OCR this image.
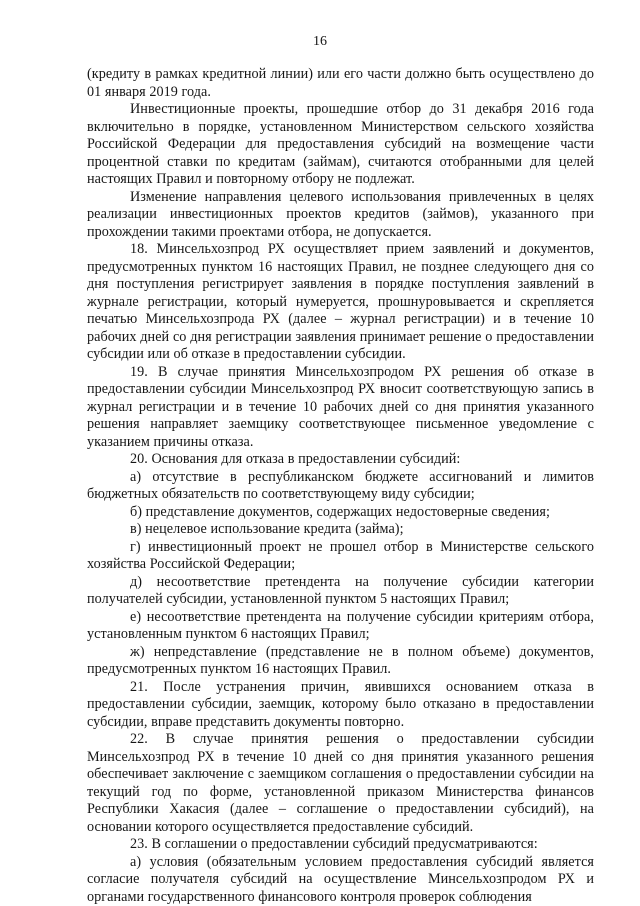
16

(кредиту в рамках кредитной линии) или его части должно быть осуществлено до 01 января 2019 года.

Инвестиционные проекты, прошедшие отбор до 31 декабря 2016 года включительно в порядке, установленном Министерством сельского хозяйства Российской Федерации для предоставления субсидий на возмещение части процентной ставки по кредитам (займам), считаются отобранными для целей настоящих Правил и повторному отбору не подлежат.

Изменение направления целевого использования привлеченных в целях реализации инвестиционных проектов кредитов (займов), указанного при прохождении такими проектами отбора, не допускается.

18. Минсельхозпрод РХ осуществляет прием заявлений и документов, предусмотренных пунктом 16 настоящих Правил, не позднее следующего дня со дня поступления регистрирует заявления в порядке поступления заявлений в журнале регистрации, который нумеруется, прошнуровывается и скрепляется печатью Минсельхозпрода РХ (далее – журнал регистрации) и в течение 10 рабочих дней со дня регистрации заявления принимает решение о предоставлении субсидии или об отказе в предоставлении субсидии.

19. В случае принятия Минсельхозпродом РХ решения об отказе в предоставлении субсидии Минсельхозпрод РХ вносит соответствующую запись в журнал регистрации и в течение 10 рабочих дней со дня принятия указанного решения направляет заемщику соответствующее письменное уведомление с указанием причины отказа.

20. Основания для отказа в предоставлении субсидий:

а) отсутствие в республиканском бюджете ассигнований и лимитов бюджетных обязательств по соответствующему виду субсидии;

б) представление документов, содержащих недостоверные сведения;

в) нецелевое использование кредита (займа);

г) инвестиционный проект не прошел отбор в Министерстве сельского хозяйства Российской Федерации;

д) несоответствие претендента на получение субсидии категории получателей субсидии, установленной пунктом 5 настоящих Правил;

е) несоответствие претендента на получение субсидии критериям отбора, установленным пунктом 6 настоящих Правил;

ж) непредставление (представление не в полном объеме) документов, предусмотренных пунктом 16 настоящих Правил.

21. После устранения причин, явившихся основанием отказа в предоставлении субсидии, заемщик, которому было отказано в предоставлении субсидии, вправе представить документы повторно.

22. В случае принятия решения о предоставлении субсидии Минсельхозпрод РХ в течение 10 дней со дня принятия указанного решения обеспечивает заключение с заемщиком соглашения о предоставлении субсидии на текущий год по форме, установленной приказом Министерства финансов Республики Хакасия (далее – соглашение о предоставлении субсидий), на основании которого осуществляется предоставление субсидий.

23. В соглашении о предоставлении субсидий предусматриваются:

а) условия (обязательным условием предоставления субсидий является согласие получателя субсидий на осуществление Минсельхозпродом РХ и органами государственного финансового контроля проверок соблюдения
